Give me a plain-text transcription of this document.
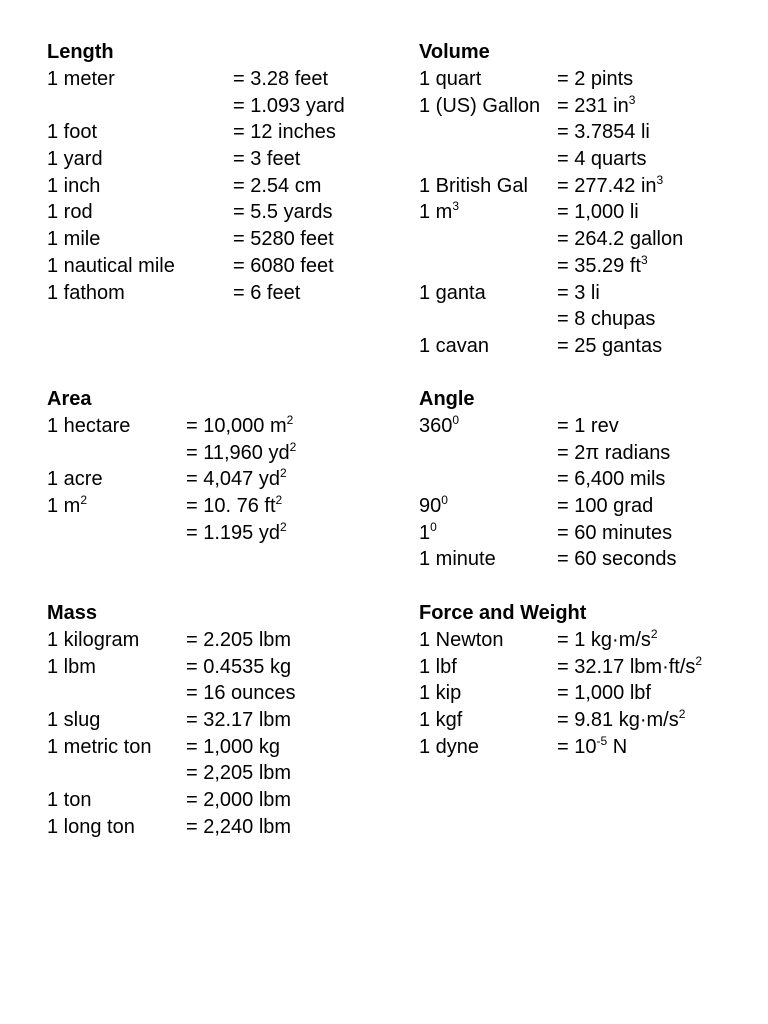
Length
1 meter	= 3.28 feet
= 1.093 yard
1 foot	= 12 inches
1 yard	= 3 feet
1 inch	= 2.54 cm
1 rod	= 5.5 yards
1 mile	= 5280 feet
1 nautical mile	= 6080 feet
1 fathom	= 6 feet
Volume
1 quart	= 2 pints
1 (US) Gallon = 231 $in^3$
= 3.7854 li
= 4 quarts
1 British Gal = 277.42 $in^3$
1 $m^3$	= 1,000 li
= 264.2 gallon
= 35.29 $ft^3$
1 ganta	= 3 li
= 8 chupas
1 cavan	= 25 gantas
Area
1 hectare	= 10,000 $m^2$
= 11,960 $yd^2$
1 acre	= 4,047 $yd^2$
1 $m^2$	= 10. 76 $ft^2$
= 1.195 $yd^2$
Angle
$360^0$	= 1 rev
= 2π radians
= 6,400 mils
$90^0$	= 100 grad
$1^0$	= 60 minutes
1 minute	= 60 seconds
Mass
1 kilogram = 2.205 lbm
1 lbm	= 0.4535 kg
= 16 ounces
1 slug	= 32.17 lbm
1 metric ton = 1,000 kg
= 2,205 lbm
1 ton	= 2,000 lbm
1 long ton	= 2,240 lbm
Force and Weight
1 Newton	= 1 $kg\cdot m/s^2$
1 lbf	= 32.17 $lbm\cdot ft/s^2$
1 kip	= 1,000 lbf
1 kgf	= 9.81 $kg\cdot m/s^2$
1 dyne	= $10^{-5}$ N
